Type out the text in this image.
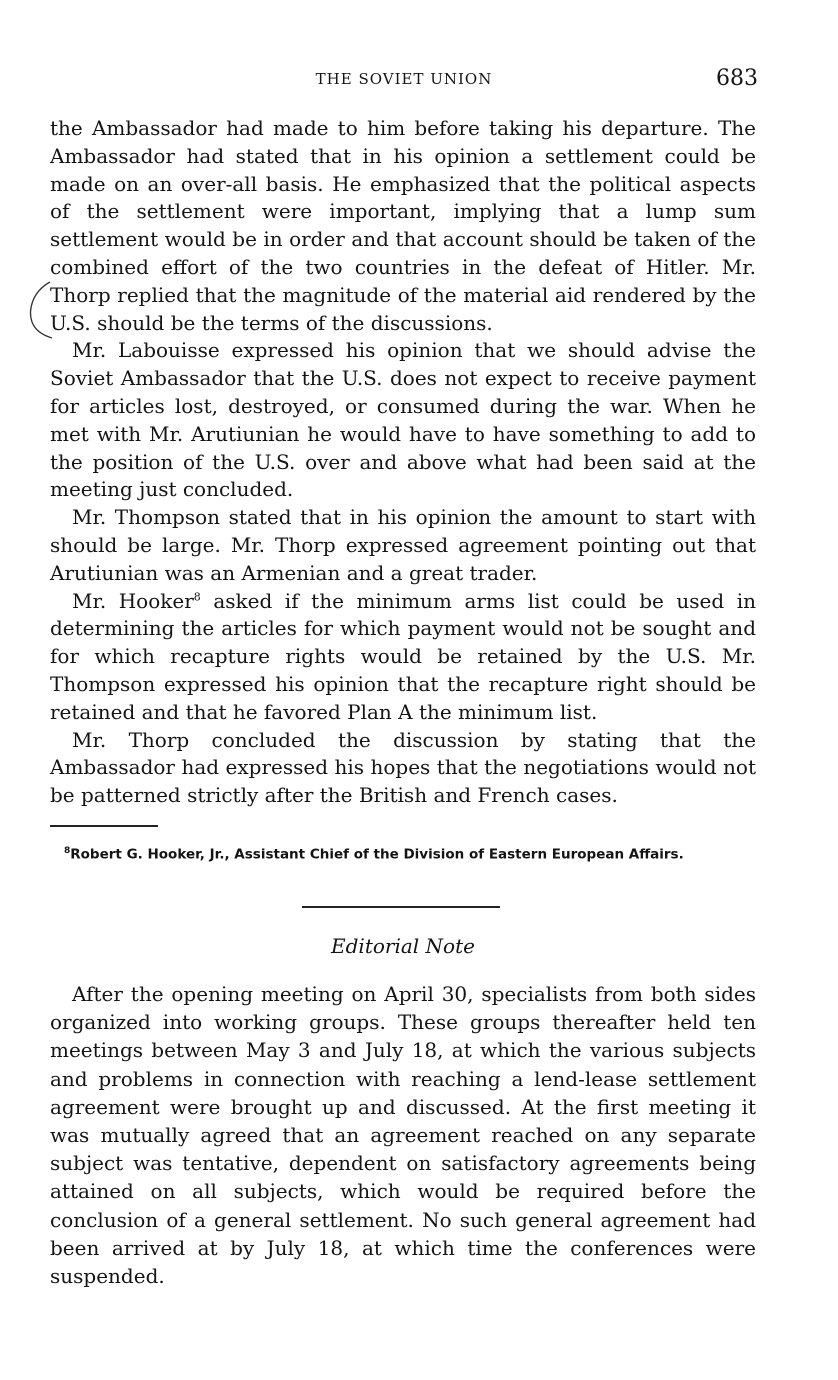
THE SOVIET UNION	683

the Ambassador had made to him before taking his departure. The Ambassador had stated that in his opinion a settlement could be made on an over-all basis. He emphasized that the political aspects of the settlement were important, implying that a lump sum settlement would be in order and that account should be taken of the combined effort of the two countries in the defeat of Hitler. Mr. Thorp replied that the magnitude of the material aid rendered by the U.S. should be the terms of the discussions.

Mr. Labouisse expressed his opinion that we should advise the Soviet Ambassador that the U.S. does not expect to receive payment for articles lost, destroyed, or consumed during the war. When he met with Mr. Arutiunian he would have to have something to add to the position of the U.S. over and above what had been said at the meeting just concluded.

Mr. Thompson stated that in his opinion the amount to start with should be large. Mr. Thorp expressed agreement pointing out that Arutiunian was an Armenian and a great trader.

Mr. Hooker$^8$ asked if the minimum arms list could be used in determining the articles for which payment would not be sought and for which recapture rights would be retained by the U.S. Mr. Thompson expressed his opinion that the recapture right should be retained and that he favored Plan A the minimum list.

Mr. Thorp concluded the discussion by stating that the Ambassador had expressed his hopes that the negotiations would not be patterned strictly after the British and French cases.

$^8$Robert G. Hooker, Jr., Assistant Chief of the Division of Eastern European Affairs.
Editorial Note
After the opening meeting on April 30, specialists from both sides organized into working groups. These groups thereafter held ten meetings between May 3 and July 18, at which the various subjects and problems in connection with reaching a lend-lease settlement agreement were brought up and discussed. At the first meeting it was mutually agreed that an agreement reached on any separate subject was tentative, dependent on satisfactory agreements being attained on all subjects, which would be required before the conclusion of a general settlement. No such general agreement had been arrived at by July 18, at which time the conferences were suspended.
